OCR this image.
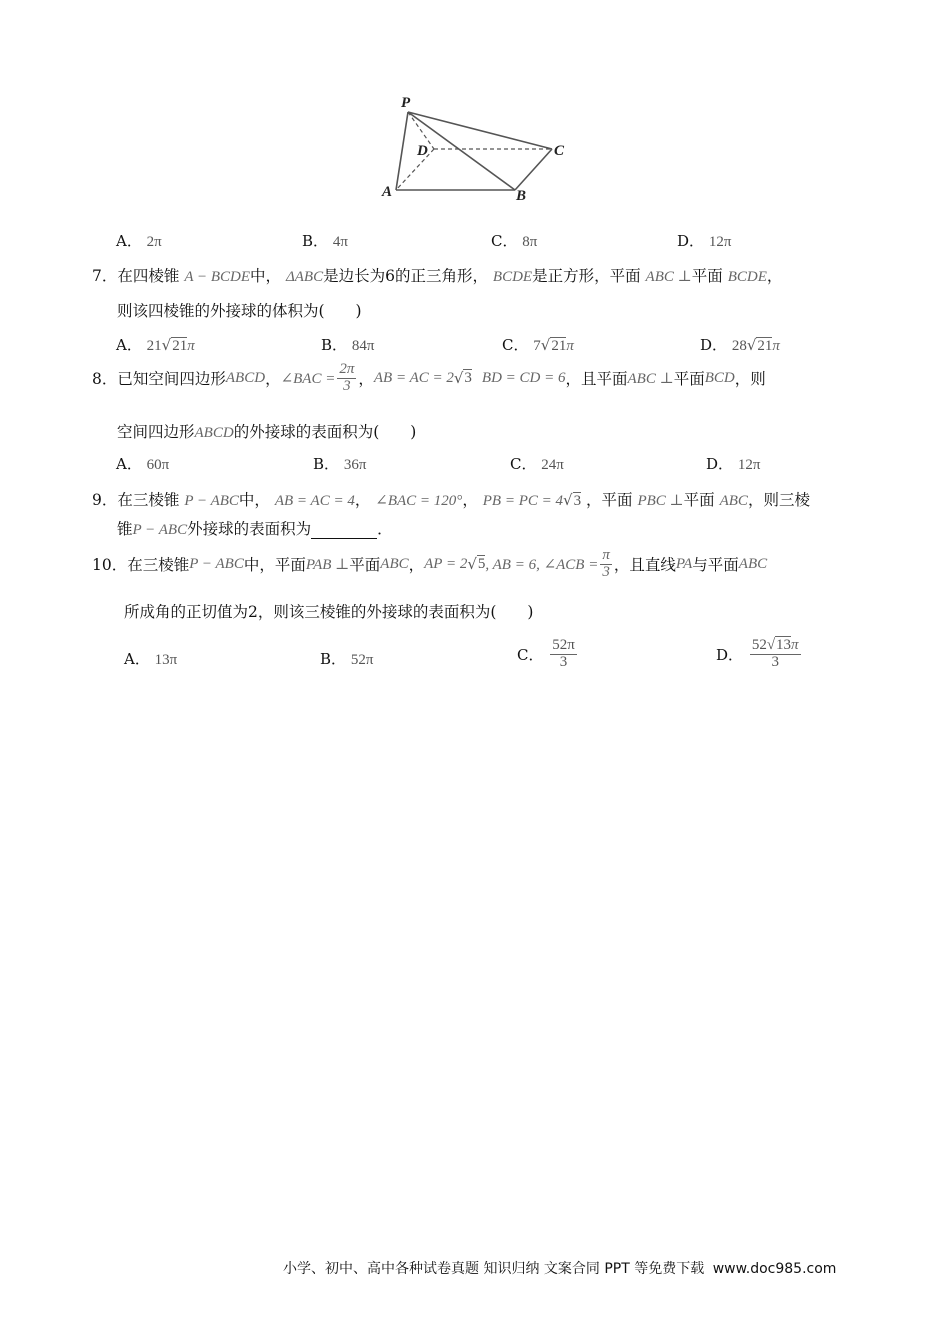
P
D	C
A	B
A． 2π	B． 4π	C． 8π	D． 12π
7．在四棱锥 A − BCDE中， ΔABC是边长为6的正三角形， BCDE是正方形，平面 ABC ⊥平面 BCDE，
则该四棱锥的外接球的体积为(　　)
A． 21√21π	B． 84π	C． 7√21π	D． 28√21π
8． 已知空间四边形 ABCD ， ∠BAC = $\frac{2\pi}{3}$ ， AB = AC = 2 √ 3 BD = CD = 6 ，且平面 ABC ⊥ 平面 BCD ，则
空间四边形ABCD的外接球的表面积为(　　)
A． 60π	B． 36π	C． 24π	D． 12π
9．在三棱锥 P − ABC中， AB = AC = 4， ∠BAC = 120°， PB = PC = 4√3 ，平面 PBC ⊥平面 ABC，则三棱
锥P − ABC外接球的表面积为	．
10． 在三棱锥 P − ABC 中，平面 PAB ⊥ 平面 ABC ， AP = 2 √ 5 , AB = 6, ∠ACB = $\frac{\pi}{3}$ ，且直线 PA 与平面 ABC
所成角的正切值为2，则该三棱锥的外接球的表面积为(　　)
A． 13π	B． 52π	C．
$\frac{52\pi}{3}$	D．
$\frac{52√13\pi}{3}$
小学、初中、高中各种试卷真题 知识归纳 文案合同 PPT 等免费下载 www.doc985.com
